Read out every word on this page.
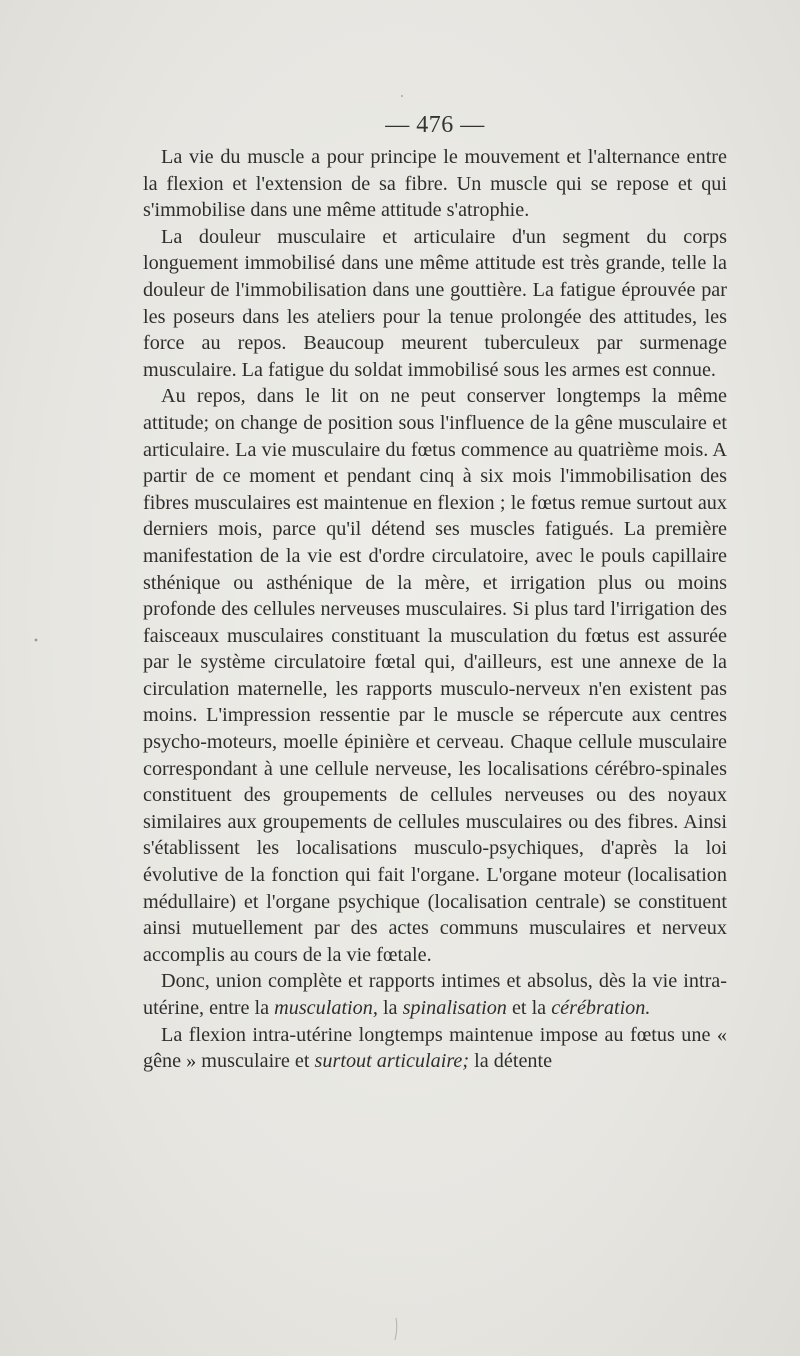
— 476 —

La vie du muscle a pour principe le mouvement et l'alternance entre la flexion et l'extension de sa fibre. Un muscle qui se repose et qui s'immobilise dans une même attitude s'atrophie.

La douleur musculaire et articulaire d'un segment du corps longuement immobilisé dans une même attitude est très grande, telle la douleur de l'immobilisation dans une gouttière. La fatigue éprouvée par les poseurs dans les ateliers pour la tenue prolongée des attitudes, les force au repos. Beaucoup meurent tuberculeux par surmenage musculaire. La fatigue du soldat immobilisé sous les armes est connue.

Au repos, dans le lit on ne peut conserver longtemps la même attitude; on change de position sous l'influence de la gêne musculaire et articulaire. La vie musculaire du fœtus commence au quatrième mois. A partir de ce moment et pendant cinq à six mois l'immobilisation des fibres musculaires est maintenue en flexion ; le fœtus remue surtout aux derniers mois, parce qu'il détend ses muscles fatigués. La première manifestation de la vie est d'ordre circulatoire, avec le pouls capillaire sthénique ou asthénique de la mère, et irrigation plus ou moins profonde des cellules nerveuses musculaires. Si plus tard l'irrigation des faisceaux musculaires constituant la musculation du fœtus est assurée par le système circulatoire fœtal qui, d'ailleurs, est une annexe de la circulation maternelle, les rapports musculo-nerveux n'en existent pas moins. L'impression ressentie par le muscle se répercute aux centres psycho-moteurs, moelle épinière et cerveau. Chaque cellule musculaire correspondant à une cellule nerveuse, les localisations cérébro-spinales constituent des groupements de cellules nerveuses ou des noyaux similaires aux groupements de cellules musculaires ou des fibres. Ainsi s'établissent les localisations musculo-psychiques, d'après la loi évolutive de la fonction qui fait l'organe. L'organe moteur (localisation médullaire) et l'organe psychique (localisation centrale) se constituent ainsi mutuellement par des actes communs musculaires et nerveux accomplis au cours de la vie fœtale.

Donc, union complète et rapports intimes et absolus, dès la vie intra-utérine, entre la musculation, la spinalisation et la cérébration.

La flexion intra-utérine longtemps maintenue impose au fœtus une « gêne » musculaire et surtout articulaire; la détente
